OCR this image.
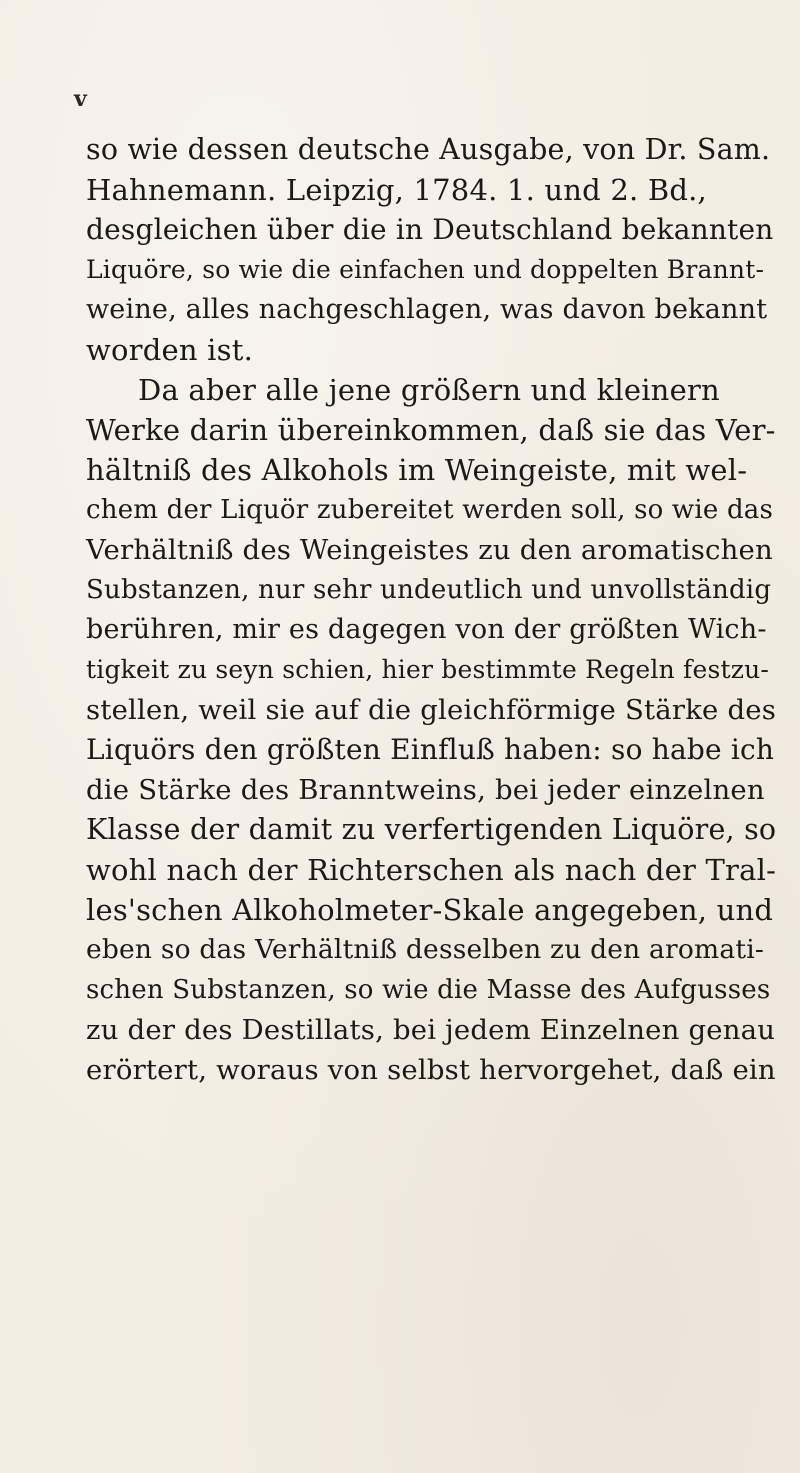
v
so wie dessen deutsche Ausgabe, von Dr. Sam.
Hahnemann. Leipzig, 1784. 1. und 2. Bd.,
desgleichen über die in Deutschland bekannten
Liquöre, so wie die einfachen und doppelten Brannt-
weine, alles nachgeschlagen, was davon bekannt
worden ist.
Da aber alle jene größern und kleinern
Werke darin übereinkommen, daß sie das Ver-
hältniß des Alkohols im Weingeiste, mit wel-
chem der Liquör zubereitet werden soll, so wie das
Verhältniß des Weingeistes zu den aromatischen
Substanzen, nur sehr undeutlich und unvollständig
berühren, mir es dagegen von der größten Wich-
tigkeit zu seyn schien, hier bestimmte Regeln festzu-
stellen, weil sie auf die gleichförmige Stärke des
Liquörs den größten Einfluß haben: so habe ich
die Stärke des Branntweins, bei jeder einzelnen
Klasse der damit zu verfertigenden Liquöre, so
wohl nach der Richterschen als nach der Tral-
les'schen Alkoholmeter-Skale angegeben, und
eben so das Verhältniß desselben zu den aromati-
schen Substanzen, so wie die Masse des Aufgusses
zu der des Destillats, bei jedem Einzelnen genau
erörtert, woraus von selbst hervorgehet, daß ein
